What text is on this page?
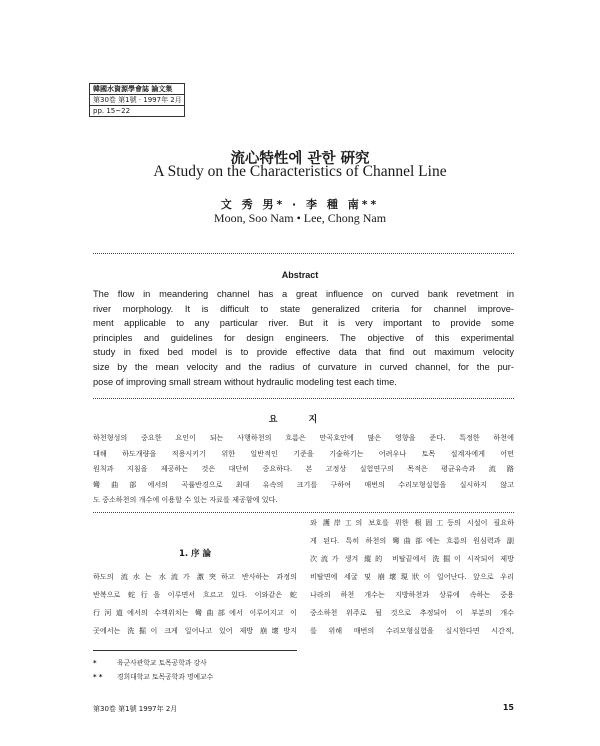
韓國水資源學會誌 論文集
第30卷 第1號 · 1997年 2月
pp. 15~22
流心特性에 관한 硏究
A Study on the Characteristics of Channel Line
文 秀 男* · 李 種 南**
Moon, Soo Nam • Lee, Chong Nam
Abstract
The flow in meandering channel has a great influence on curved bank revetment in
river morphology. It is difficult to state generalized criteria for channel improve-
ment applicable to any particular river. But it is very important to provide some
principles and guidelines for design engineers. The objective of this experimental
study in fixed bed model is to provide effective data that find out maximum velocity
size by the mean velocity and the radius of curvature in curved channel, for the pur-
pose of improving small stream without hydraulic modeling test each time.
요 지
하천형성의 중요한 요인이 되는 사행하천의 흐름은 만곡호안에 많은 영향을 준다. 특정한 하천에
대해 하도개량을 적용시키기 위한 일반적인 기준을 기술하기는 어려우나 토목 설계자에게 어떤
원칙과 지침을 제공하는 것은 대단히 중요하다. 본 고정상 실험연구의 목적은 평균유속과 流路
彎曲部에서의 곡률반경으로 최대 유속의 크기를 구하여 매번의 수리모형실험을 실시하지 않고
도 중소하천의 개수에 이용할 수 있는 자료를 제공함에 있다.
1. 序 論
하도의 流水는 水流가 激突하고 반사하는 과정의
반복으로 蛇行을 이루면서 흐르고 있다. 이와같은 蛇
行河道에서의 수객위치는 彎曲部에서 이루어지고 이
곳에서는 洗掘이 크게 일어나고 있어 제방 崩壞방지
와 護岸工의 보호를 위한 根固工등의 시설이 필요하
게 된다. 특히 하천의 彎曲部에는 흐름의 원심력과 副
次流가 생겨 縱的 비탈끝에서 洗掘이 시작되어 제방
비탈면에 세굴 및 崩壞現狀이 일어난다. 앞으로 우리
나라의 하천 개수는 지방하천과 상류에 속하는 중용
중소하천 위주로 될 것으로 추정되어 이 부분의 개수
를 위해 매번의 수리모형실험을 실시한다면 시간적,
*	육군사관학교 토목공학과 강사
* * 경희대학교 토목공학과 명예교수
第30卷 第1號 1997年 2月	15
